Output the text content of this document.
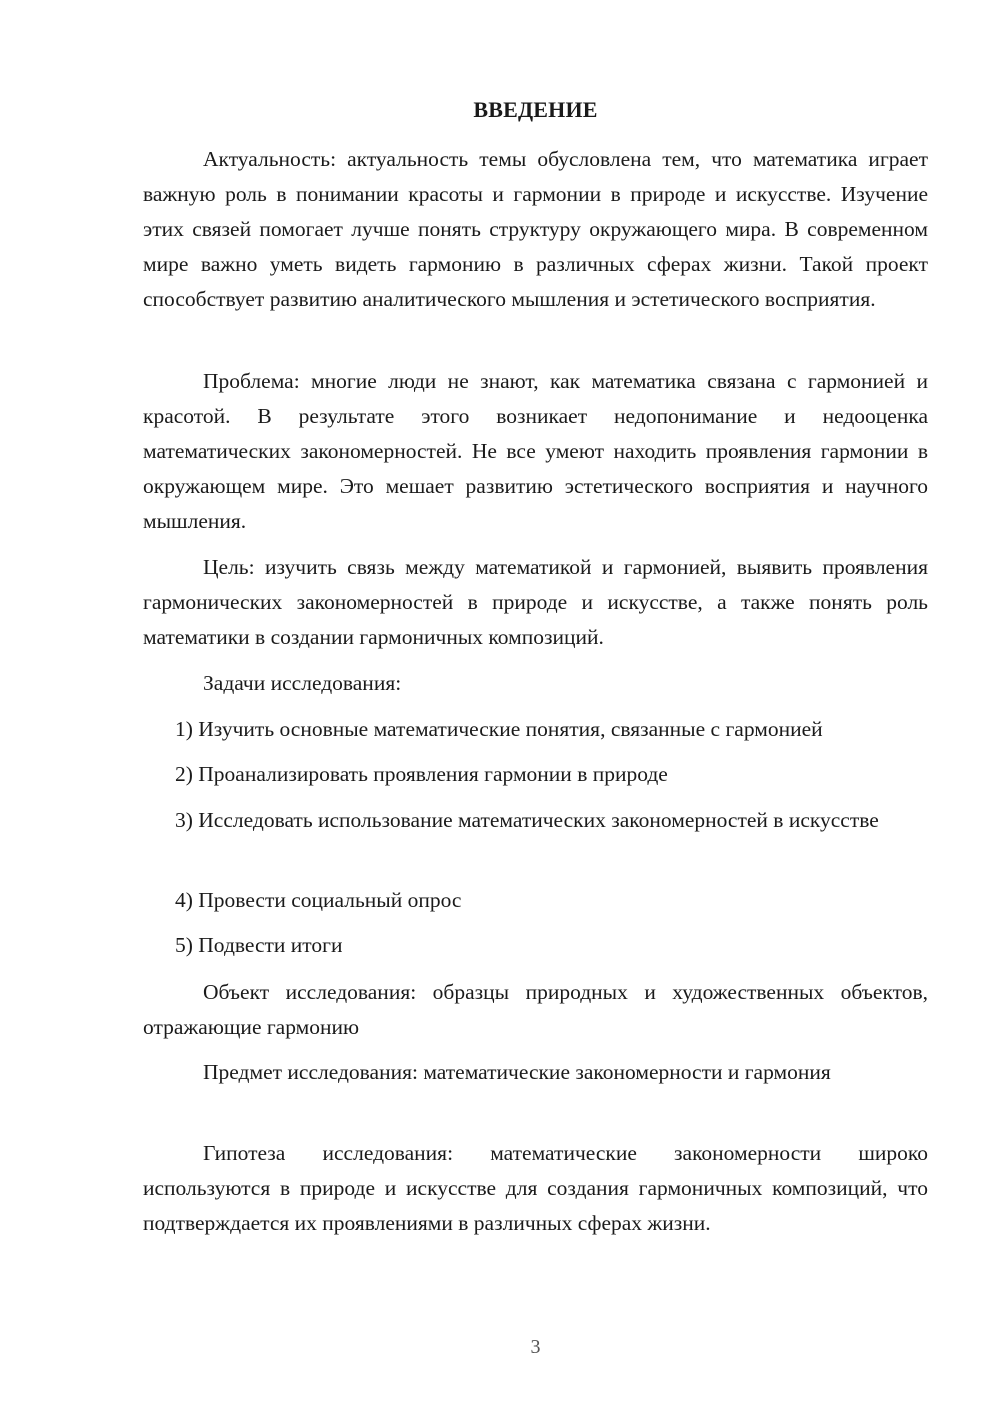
ВВЕДЕНИЕ

Актуальность: актуальность темы обусловлена тем, что математика играет важную роль в понимании красоты и гармонии в природе и искусстве. Изучение этих связей помогает лучше понять структуру окружающего мира. В современном мире важно уметь видеть гармонию в различных сферах жизни. Такой проект способствует развитию аналитического мышления и эстетического восприятия.

Проблема: многие люди не знают, как математика связана с гармонией и красотой. В результате этого возникает недопонимание и недооценка математических закономерностей. Не все умеют находить проявления гармонии в окружающем мире. Это мешает развитию эстетического восприятия и научного мышления.

Цель: изучить связь между математикой и гармонией, выявить проявления гармонических закономерностей в природе и искусстве, а также понять роль математики в создании гармоничных композиций.

Задачи исследования:

1) Изучить основные математические понятия, связанные с гармонией

2) Проанализировать проявления гармонии в природе

3) Исследовать использование математических закономерностей в искусстве

4) Провести социальный опрос

5) Подвести итоги

Объект исследования: образцы природных и художественных объектов, отражающие гармонию

Предмет исследования: математические закономерности и гармония

Гипотеза исследования: математические закономерности широко используются в природе и искусстве для создания гармоничных композиций, что подтверждается их проявлениями в различных сферах жизни.

3
